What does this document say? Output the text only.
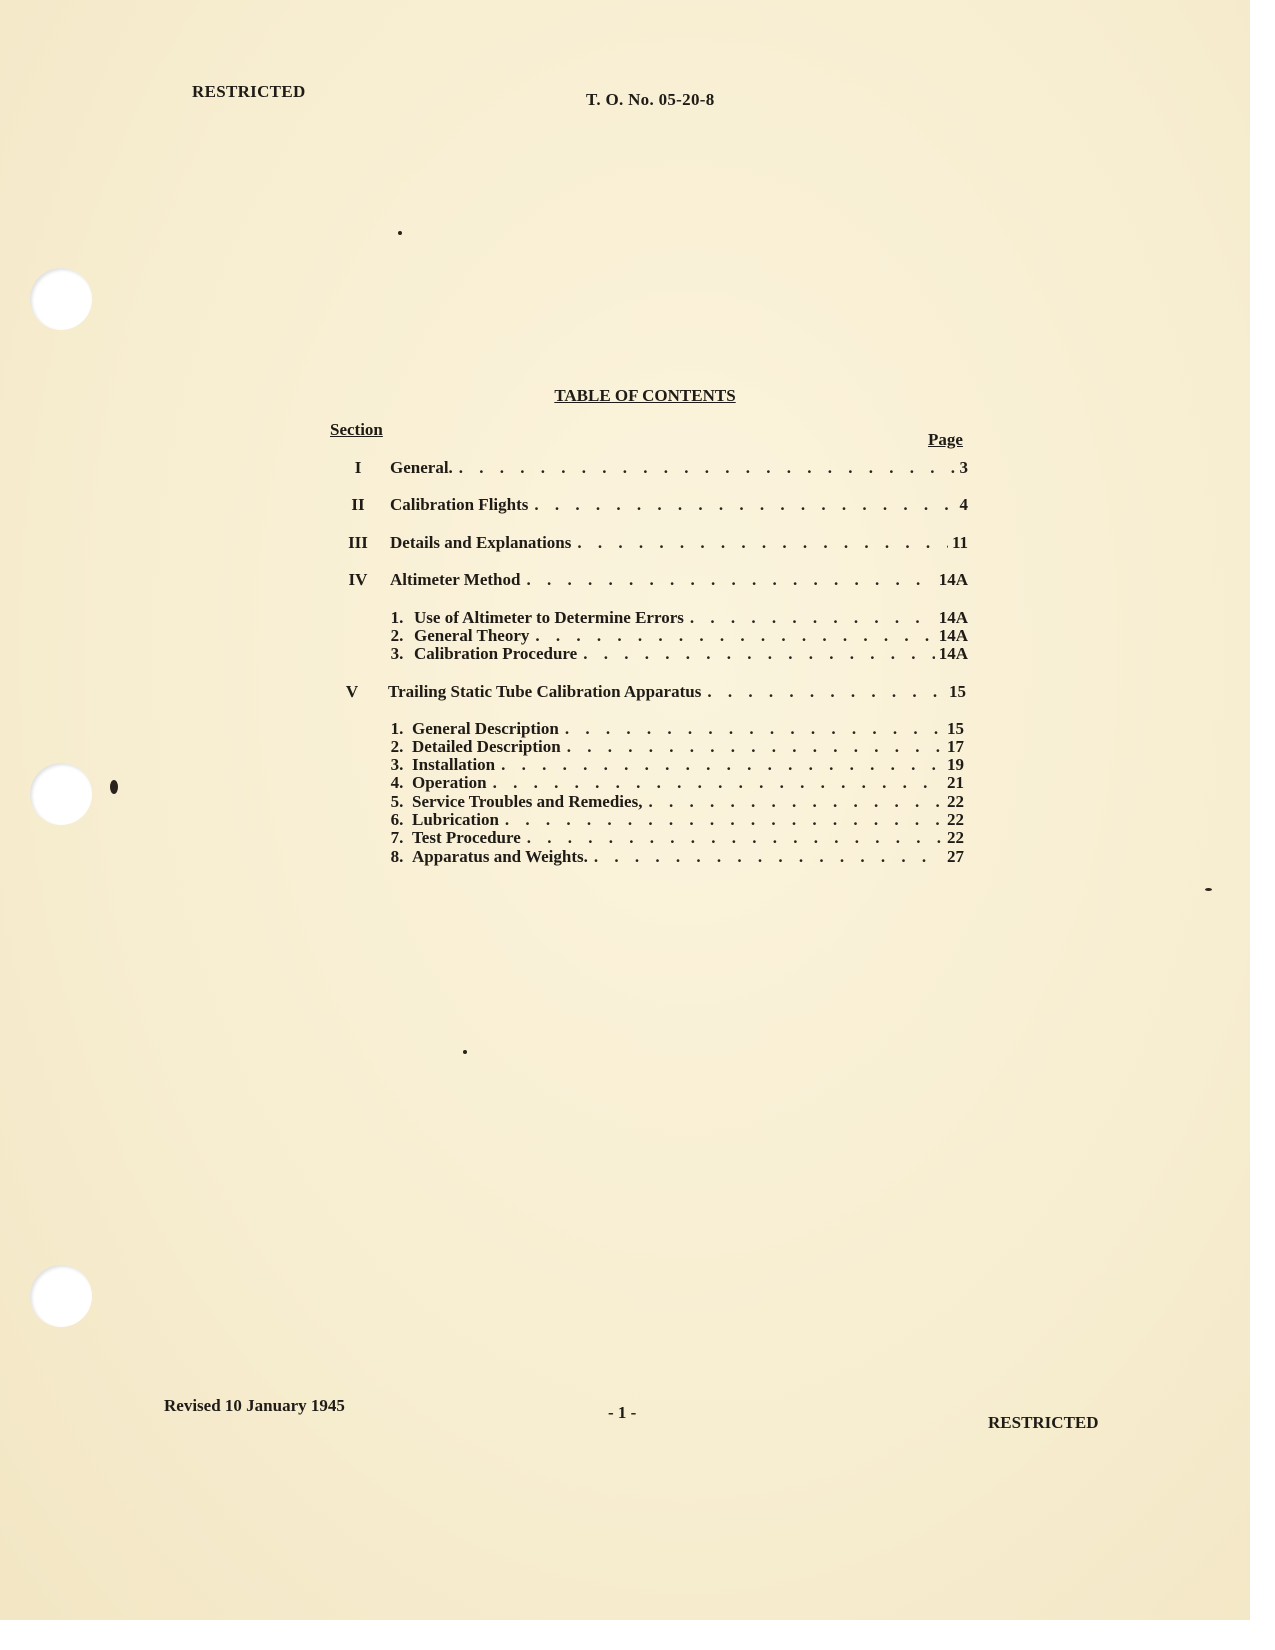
RESTRICTED	T. O. No. 05-20-8
TABLE OF CONTENTS
Section
Page
I	General. . . .	3
II	Calibration Flights . . .	4
III	Details and Explanations . . .	11
IV	Altimeter Method . . .	14A
1. Use of Altimeter to Determine Errors . . .	14A
2. General Theory . . .	14A
3. Calibration Procedure . . .	14A
V	Trailing Static Tube Calibration Apparatus . . .	15
1. General Description . . .	15
2. Detailed Description . . .	17
3. Installation . . .	19
4. Operation . . .	21
5. Service Troubles and Remedies, . . .	22
6. Lubrication . . .	22
7. Test Procedure . . .	22
8. Apparatus and Weights. . . .	27
Revised 10 January 1945	- 1 -
RESTRICTED
